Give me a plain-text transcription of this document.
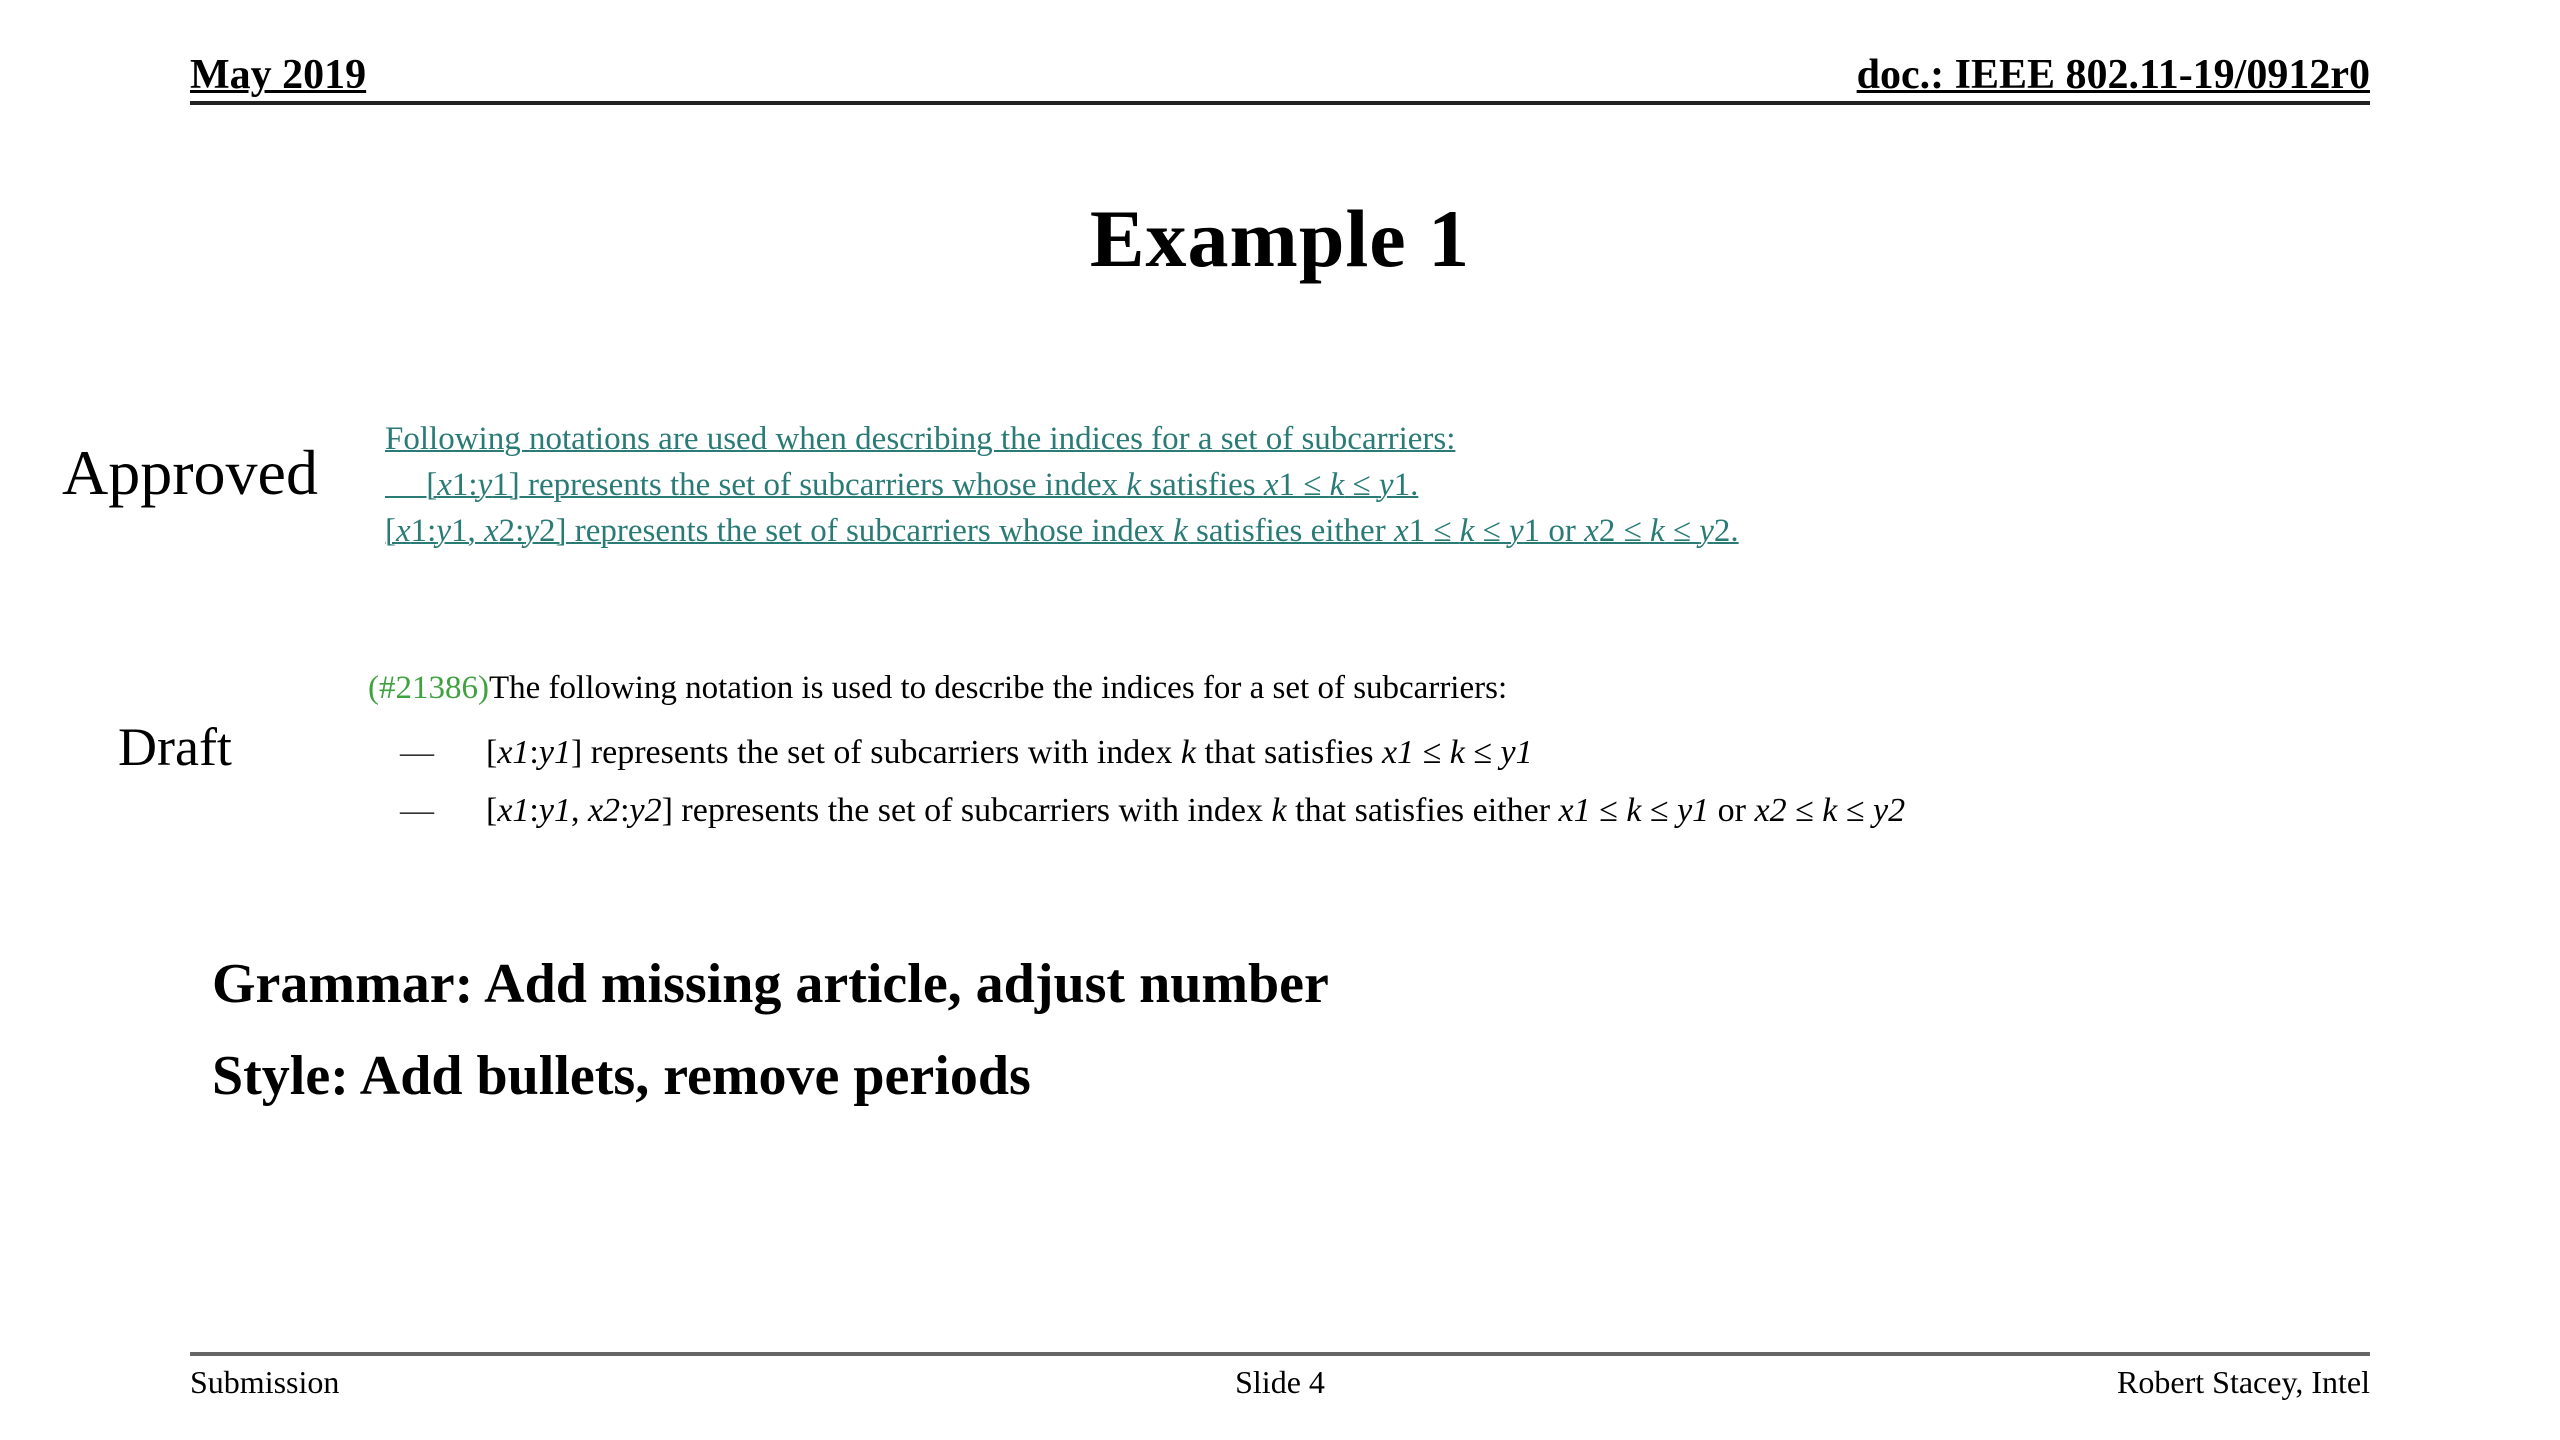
May 2019	doc.: IEEE 802.11-19/0912r0
Example 1
Approved Following notations are used when describing the indices for a set of subcarriers:
[x1:y1] represents the set of subcarriers whose index k satisfies x1 ≤ k ≤ y1.
[x1:y1, x2:y2] represents the set of subcarriers whose index k satisfies either x1 ≤ k ≤ y1 or x2 ≤ k ≤ y2.
(#21386)The following notation is used to describe the indices for a set of subcarriers:
Draft	—	[x1:y1] represents the set of subcarriers with index k that satisfies x1 ≤ k ≤ y1
—	[x1:y1, x2:y2] represents the set of subcarriers with index k that satisfies either x1 ≤ k ≤ y1 or x2 ≤ k ≤ y2
Grammar: Add missing article, adjust number
Style: Add bullets, remove periods
Slide 4
Submission	Robert Stacey, Intel
